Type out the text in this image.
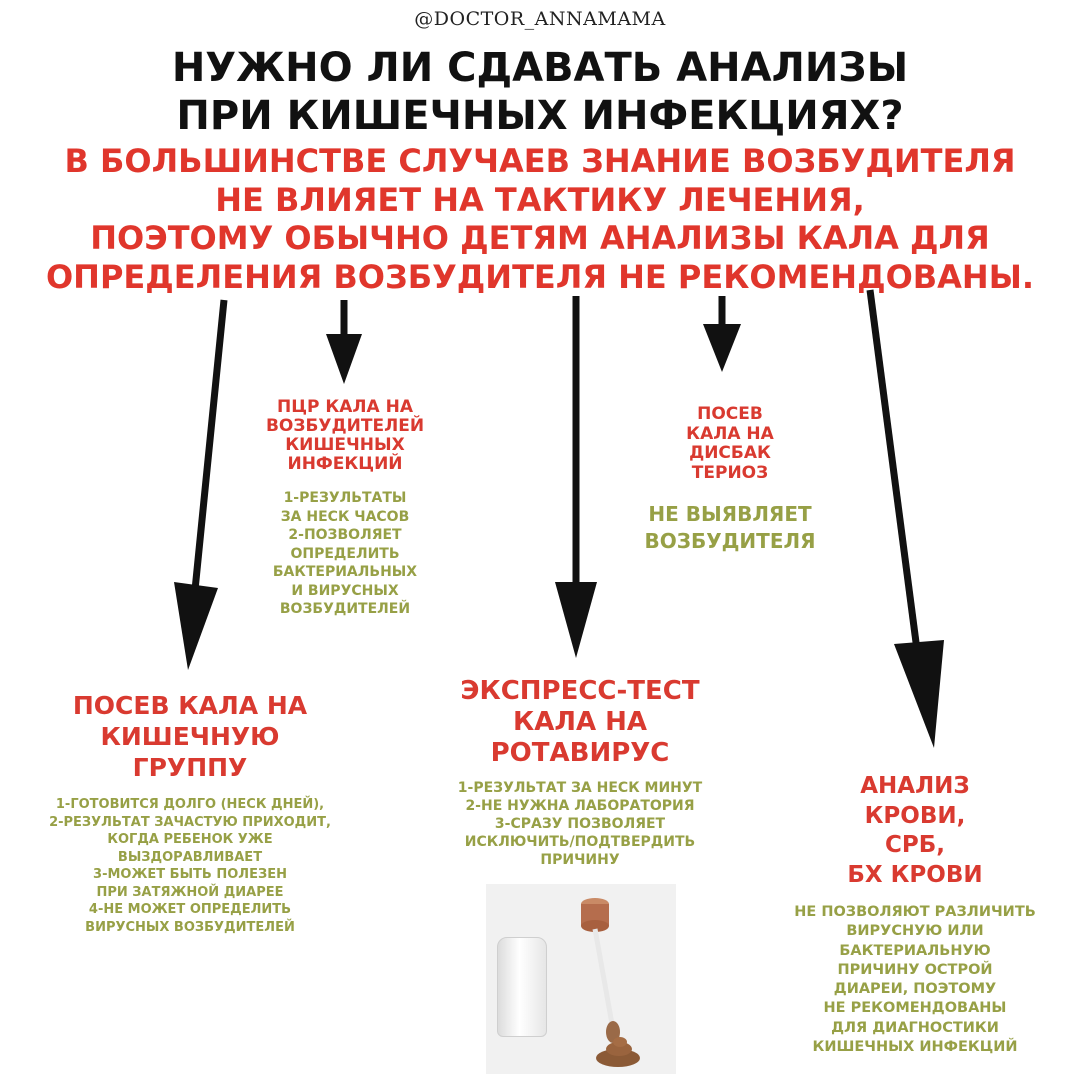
@DOCTOR_ANNAMAMA
НУЖНО ЛИ СДАВАТЬ АНАЛИЗЫ
ПРИ КИШЕЧНЫХ ИНФЕКЦИЯХ?
В БОЛЬШИНСТВЕ СЛУЧАЕВ ЗНАНИЕ ВОЗБУДИТЕЛЯ
НЕ ВЛИЯЕТ НА ТАКТИКУ ЛЕЧЕНИЯ,
ПОЭТОМУ ОБЫЧНО ДЕТЯМ АНАЛИЗЫ КАЛА ДЛЯ
ОПРЕДЕЛЕНИЯ ВОЗБУДИТЕЛЯ НЕ РЕКОМЕНДОВАНЫ.
ПЦР КАЛА НА
ВОЗБУДИТЕЛЕЙ
КИШЕЧНЫХ
ИНФЕКЦИЙ
1-РЕЗУЛЬТАТЫ
ЗА НЕСК ЧАСОВ
2-ПОЗВОЛЯЕТ
ОПРЕДЕЛИТЬ
БАКТЕРИАЛЬНЫХ
И ВИРУСНЫХ
ВОЗБУДИТЕЛЕЙ
ПОСЕВ
КАЛА НА
ДИСБАК
ТЕРИОЗ
НЕ ВЫЯВЛЯЕТ
ВОЗБУДИТЕЛЯ
ПОСЕВ КАЛА НА
КИШЕЧНУЮ
ГРУППУ
1-ГОТОВИТСЯ ДОЛГО (НЕСК ДНЕЙ),
2-РЕЗУЛЬТАТ ЗАЧАСТУЮ ПРИХОДИТ,
КОГДА РЕБЕНОК УЖЕ
ВЫЗДОРАВЛИВАЕТ
3-МОЖЕТ БЫТЬ ПОЛЕЗЕН
ПРИ ЗАТЯЖНОЙ ДИАРЕЕ
4-НЕ МОЖЕТ ОПРЕДЕЛИТЬ
ВИРУСНЫХ ВОЗБУДИТЕЛЕЙ
ЭКСПРЕСС-ТЕСТ
КАЛА НА
РОТАВИРУС
1-РЕЗУЛЬТАТ ЗА НЕСК МИНУТ
2-НЕ НУЖНА ЛАБОРАТОРИЯ
3-СРАЗУ ПОЗВОЛЯЕТ
ИСКЛЮЧИТЬ/ПОДТВЕРДИТЬ
ПРИЧИНУ
АНАЛИЗ
КРОВИ,
СРБ,
БХ КРОВИ
НЕ ПОЗВОЛЯЮТ РАЗЛИЧИТЬ
ВИРУСНУЮ ИЛИ
БАКТЕРИАЛЬНУЮ
ПРИЧИНУ ОСТРОЙ
ДИАРЕИ, ПОЭТОМУ
НЕ РЕКОМЕНДОВАНЫ
ДЛЯ ДИАГНОСТИКИ
КИШЕЧНЫХ ИНФЕКЦИЙ
